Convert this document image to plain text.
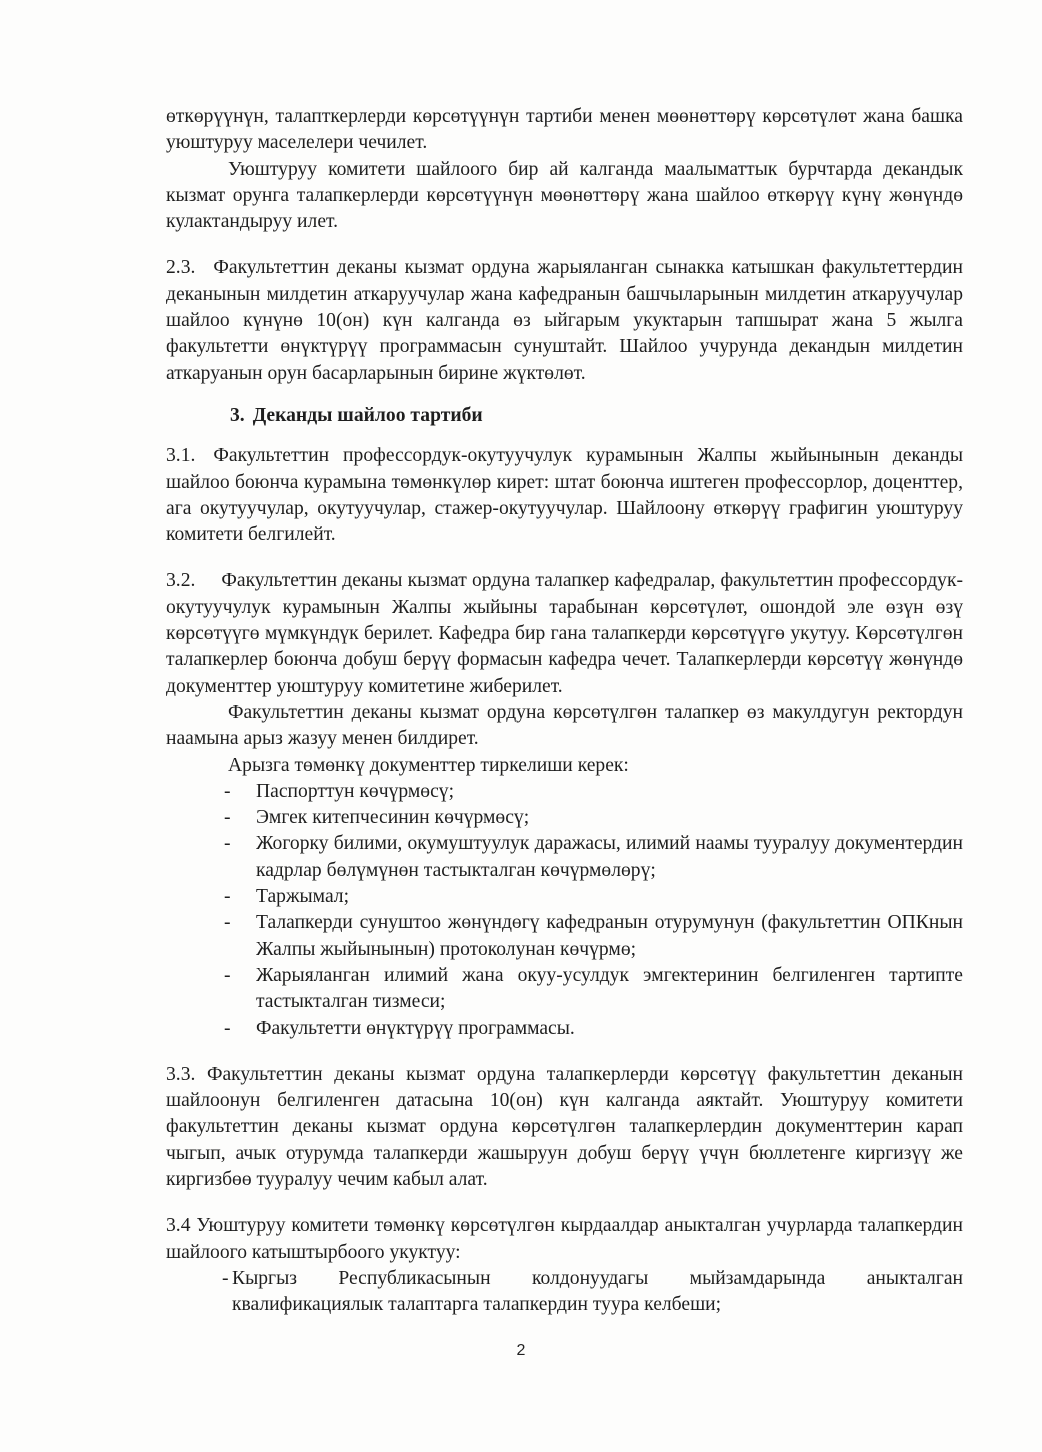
өткөрүүнүн, талапткерлерди көрсөтүүнүн тартиби менен мөөнөттөрү көрсөтүлөт жана башка уюштуруу маселелери чечилет.

Уюштуруу комитети шайлоого бир ай калганда маалыматтык бурчтарда декандык кызмат орунга талапкерлерди көрсөтүүнүн мөөнөттөрү жана шайлоо өткөрүү күнү жөнүндө кулактандыруу илет.

2.3. Факультеттин деканы кызмат ордуна жарыяланган сынакка катышкан факультеттердин деканынын милдетин аткаруучулар жана кафедранын башчыларынын милдетин аткаруучулар шайлоо күнүнө 10(он) күн калганда өз ыйгарым укуктарын тапшырат жана 5 жылга факультетти өнүктүрүү программасын сунуштайт. Шайлоо учурунда декандын милдетин аткаруанын орун басарларынын бирине жүктөлөт.

3. Деканды шайлоо тартиби

3.1. Факультеттин профессордук-окутуучулук курамынын Жалпы жыйынынын деканды шайлоо боюнча курамына төмөнкүлөр кирет: штат боюнча иштеген профессорлор, доценттер, ага окутуучулар, окутуучулар, стажер-окутуучулар. Шайлоону өткөрүү графигин уюштуруу комитети белгилейт.

3.2. Факультеттин деканы кызмат ордуна талапкер кафедралар, факультеттин профессордук-окутуучулук курамынын Жалпы жыйыны тарабынан көрсөтүлөт, ошондой эле өзүн өзү көрсөтүүгө мүмкүндүк берилет. Кафедра бир гана талапкерди көрсөтүүгө укутуу. Көрсөтүлгөн талапкерлер боюнча добуш берүү формасын кафедра чечет. Талапкерлерди көрсөтүү жөнүндө документтер уюштуруу комитетине жиберилет.

Факультеттин деканы кызмат ордуна көрсөтүлгөн талапкер өз макулдугун ректордун наамына арыз жазуу менен билдирет.

Арызга төмөнкү документтер тиркелиши керек:

- Паспорттун көчүрмөсү;
- Эмгек китепчесинин көчүрмөсү;
- Жогорку билими, окумуштуулук даражасы, илимий наамы тууралуу документердин кадрлар бөлүмүнөн тастыкталган көчүрмөлөрү;
- Таржымал;
- Талапкерди сунуштоо жөнүндөгү кафедранын отурумунун (факультеттин ОПКнын Жалпы жыйынынын) протоколунан көчүрмө;
- Жарыяланган илимий жана окуу-усулдук эмгектеринин белгиленген тартипте тастыкталган тизмеси;
- Факультетти өнүктүрүү программасы.

3.3. Факультеттин деканы кызмат ордуна талапкерлерди көрсөтүү факультеттин деканын шайлоонун белгиленген датасына 10(он) күн калганда аяктайт. Уюштуруу комитети факультеттин деканы кызмат ордуна көрсөтүлгөн талапкерлердин документтерин карап чыгып, ачык отурумда талапкерди жашыруун добуш берүү үчүн бюллетенге киргизүү же киргизбөө тууралуу чечим кабыл алат.

3.4 Уюштуруу комитети төмөнкү көрсөтүлгөн кырдаалдар аныкталган учурларда талапкердин шайлоого катыштырбоого укуктуу:

- Кыргыз Республикасынын колдонуудагы мыйзамдарында аныкталган квалификациялык талаптарга талапкердин туура келбеши;
2
